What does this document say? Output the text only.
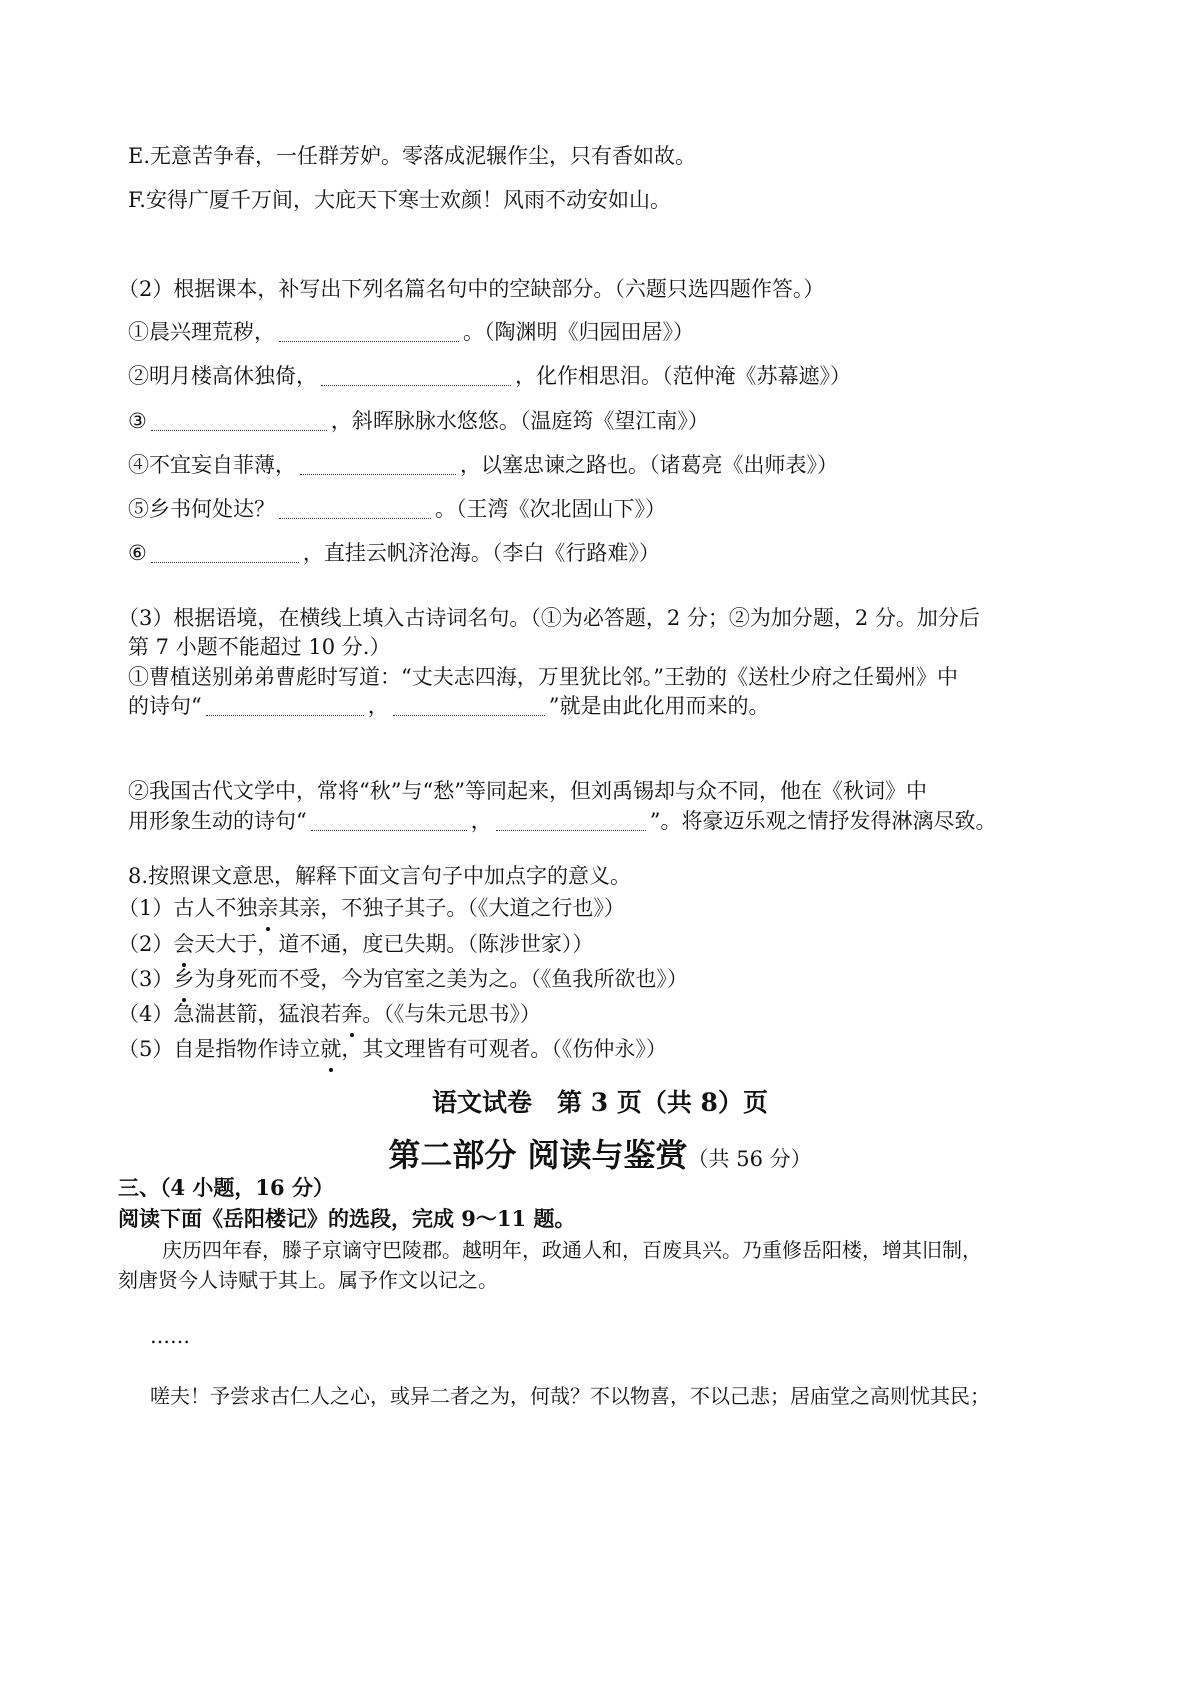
E.无意苦争春，一任群芳妒。零落成泥辗作尘，只有香如故。
F.安得广厦千万间，大庇天下寒士欢颜！风雨不动安如山。
（2）根据课本，补写出下列名篇名句中的空缺部分。（六题只选四题作答。）
①晨兴理荒秽，	。（陶渊明《归园田居》）
②明月楼高休独倚，	，化作相思泪。（范仲淹《苏幕遮》）
③	，斜晖脉脉水悠悠。（温庭筠《望江南》）
④不宜妄自菲薄，	，以塞忠谏之路也。（诸葛亮《出师表》）
⑤乡书何处达？	。（王湾《次北固山下》）
⑥	，直挂云帆济沧海。（李白《行路难》）
（3）根据语境，在横线上填入古诗词名句。（①为必答题，2 分；②为加分题，2 分。加分后
第 7 小题不能超过 10 分.）
①曹植送别弟弟曹彪时写道：“丈夫志四海，万里犹比邻。”王勃的《送杜少府之任蜀州》中
的诗句“	，	”就是由此化用而来的。
②我国古代文学中，常将“秋”与“愁”等同起来，但刘禹锡却与众不同，他在《秋词》中
用形象生动的诗句“	，	”。将豪迈乐观之情抒发得淋漓尽致。
8.按照课文意思，解释下面文言句子中加点字的意义。
（1）古人不独亲其亲，不独子其子。（《大道之行也》）
（2）会天大于，道不通，度已失期。（陈涉世家））
（3）乡为身死而不受，今为官室之美为之。（《鱼我所欲也》）
（4）急湍甚箭，猛浪若奔。（《与朱元思书》）
（5）自是指物作诗立就，其文理皆有可观者。（《伤仲永》）
语文试卷　第 3 页（共 8）页
第二部分 阅读与鉴赏（共 56 分）
三、（4 小题，16 分）
阅读下面《岳阳楼记》的选段，完成 9～11 题。
庆历四年春，滕子京谪守巴陵郡。越明年，政通人和，百废具兴。乃重修岳阳楼，增其旧制，
刻唐贤今人诗赋于其上。属予作文以记之。
……
嗟夫！予尝求古仁人之心，或异二者之为，何哉？不以物喜，不以己悲；居庙堂之高则忧其民；
